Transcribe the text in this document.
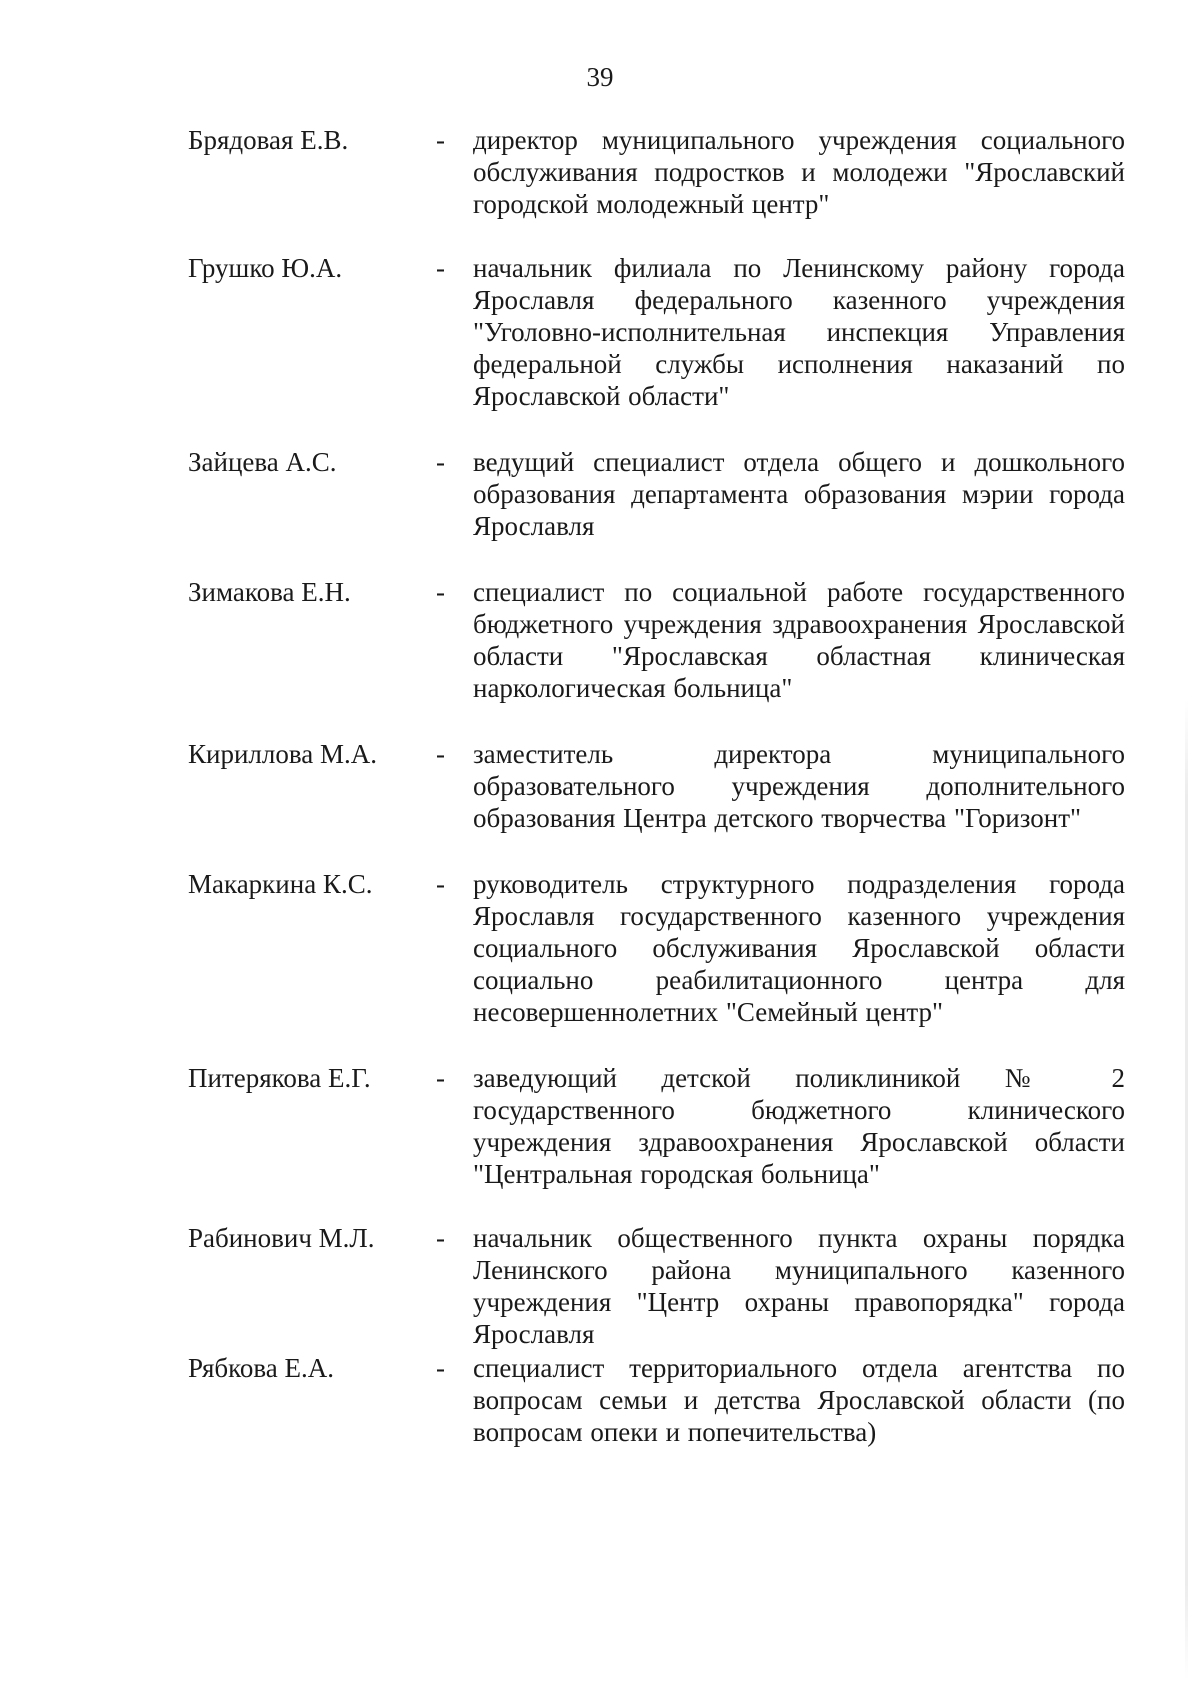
39
Брядовая Е.В.	- директор муниципального учреждения социального обслуживания подростков и молодежи "Ярославский городской молодежный центр"
Грушко Ю.А.	- начальник филиала по Ленинскому району города Ярославля федерального казенного учреждения "Уголовно-исполнительная инспекция Управления федеральной службы исполнения наказаний по Ярославской области"
Зайцева А.С.	- ведущий специалист отдела общего и дошкольного образования департамента образования мэрии города Ярославля
Зимакова Е.Н.	- специалист по социальной работе государственного бюджетного учреждения здравоохранения Ярославской области "Ярославская областная клиническая наркологическая больница"
Кириллова М.А. - заместитель директора муниципального образовательного учреждения дополнительного образования Центра детского творчества "Горизонт"
Макаркина К.С. - руководитель структурного подразделения города Ярославля государственного казенного учреждения социального обслуживания Ярославской области социально реабилитационного центра для несовершеннолетних "Семейный центр"
Питерякова Е.Г. - заведующий детской поликлиникой № 2 государственного бюджетного клинического учреждения здравоохранения Ярославской области "Центральная городская больница"
Рабинович М.Л. - начальник общественного пункта охраны порядка Ленинского района муниципального казенного учреждения "Центр охраны правопорядка" города Ярославля
Рябкова Е.А.	- специалист территориального отдела агентства по вопросам семьи и детства Ярославской области (по вопросам опеки и попечительства)
